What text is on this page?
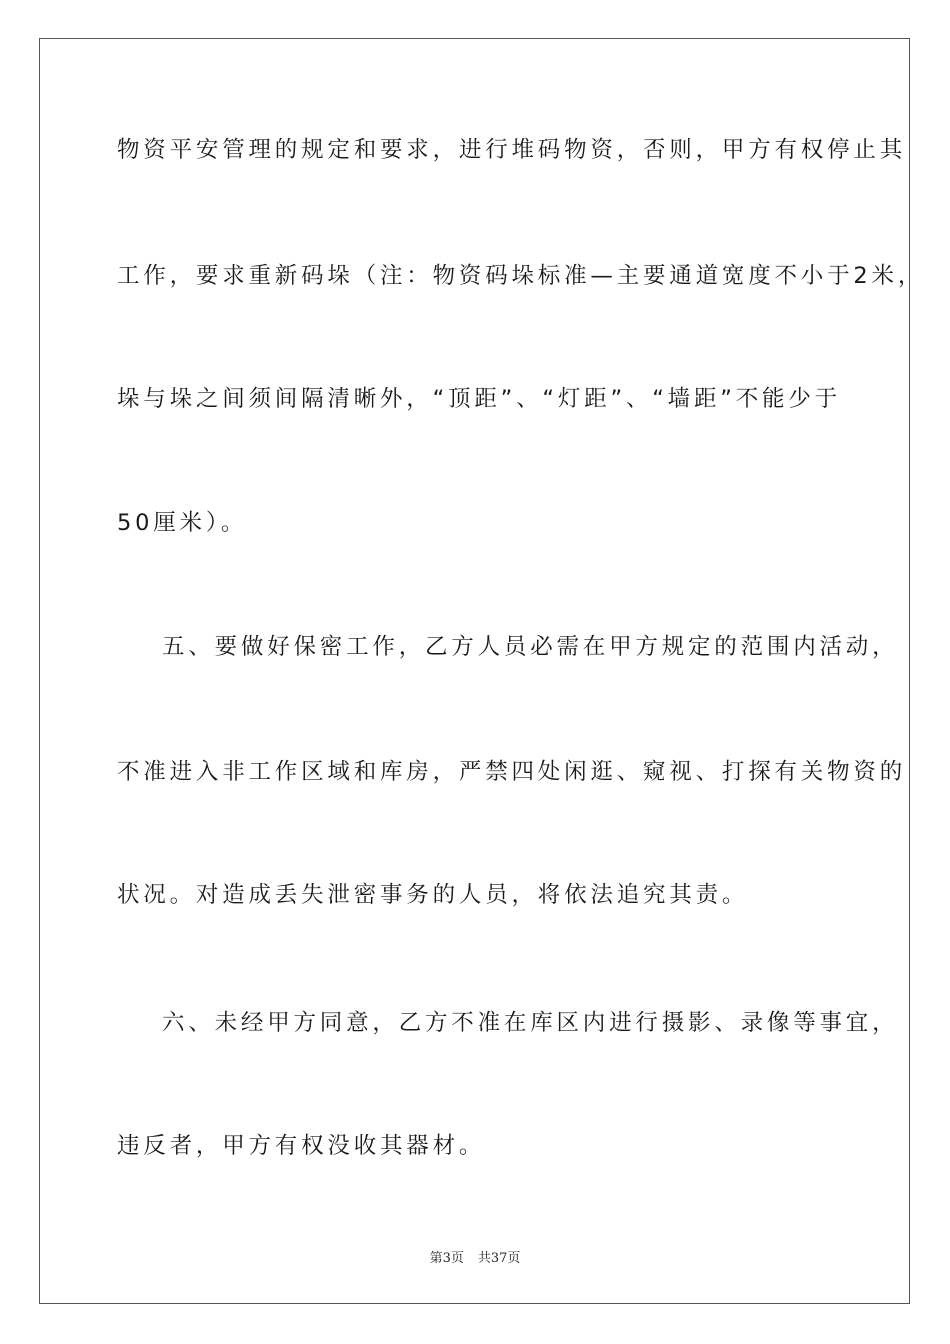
物资平安管理的规定和要求，进行堆码物资，否则，甲方有权停止其

工作，要求重新码垛（注：物资码垛标准—主要通道宽度不小于2米，

垛与垛之间须间隔清晰外，“顶距”、“灯距”、“墙距”不能少于

50厘米）。

五、要做好保密工作，乙方人员必需在甲方规定的范围内活动，

不准进入非工作区域和库房，严禁四处闲逛、窥视、打探有关物资的

状况。对造成丢失泄密事务的人员，将依法追究其责。

六、未经甲方同意，乙方不准在库区内进行摄影、录像等事宜，

违反者，甲方有权没收其器材。

第3页 共37页
